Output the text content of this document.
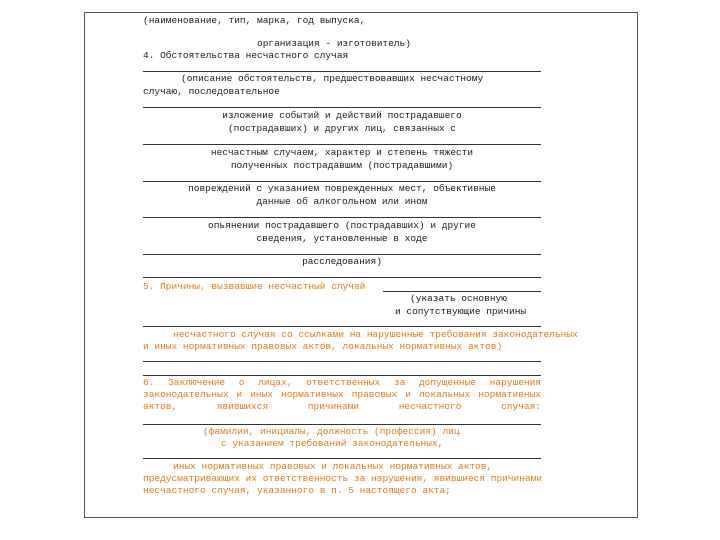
(наименование, тип, марка, год выпуска,
организация - изготовитель)
4. Обстоятельства несчастного случая
(описание обстоятельств, предшествовавших несчастному
случаю, последовательное
изложение событий и действий пострадавшего
(пострадавших) и других лиц, связанных с
несчастным случаем, характер и степень тяжести
полученных пострадавшим (пострадавшими)
повреждений с указанием поврежденных мест, объективные
данные об алкогольном или ином
опьянении пострадавшего (пострадавших) и другие
сведения, установленные в ходе
расследования)
5. Причины, вызвавшие несчастный случай
(указать основную
и сопутствующие причины
несчастного случая со ссылками на нарушенные требования законодательных
и иных нормативных правовых актов, локальных нормативных актов)
6. Заключение о лицах, ответственных за допущенные нарушения законодательных и иных нормативных правовых и локальных нормативных актов, явившихся причинами несчастного случая:
(фамилии, инициалы, должность (профессия) лиц
с указанием требований законодательных,
иных нормативных правовых и локальных нормативных актов,
предусматривающих их ответственность за нарушения, явившиеся причинами
несчастного случая, указанного в п. 5 настоящего акта;
